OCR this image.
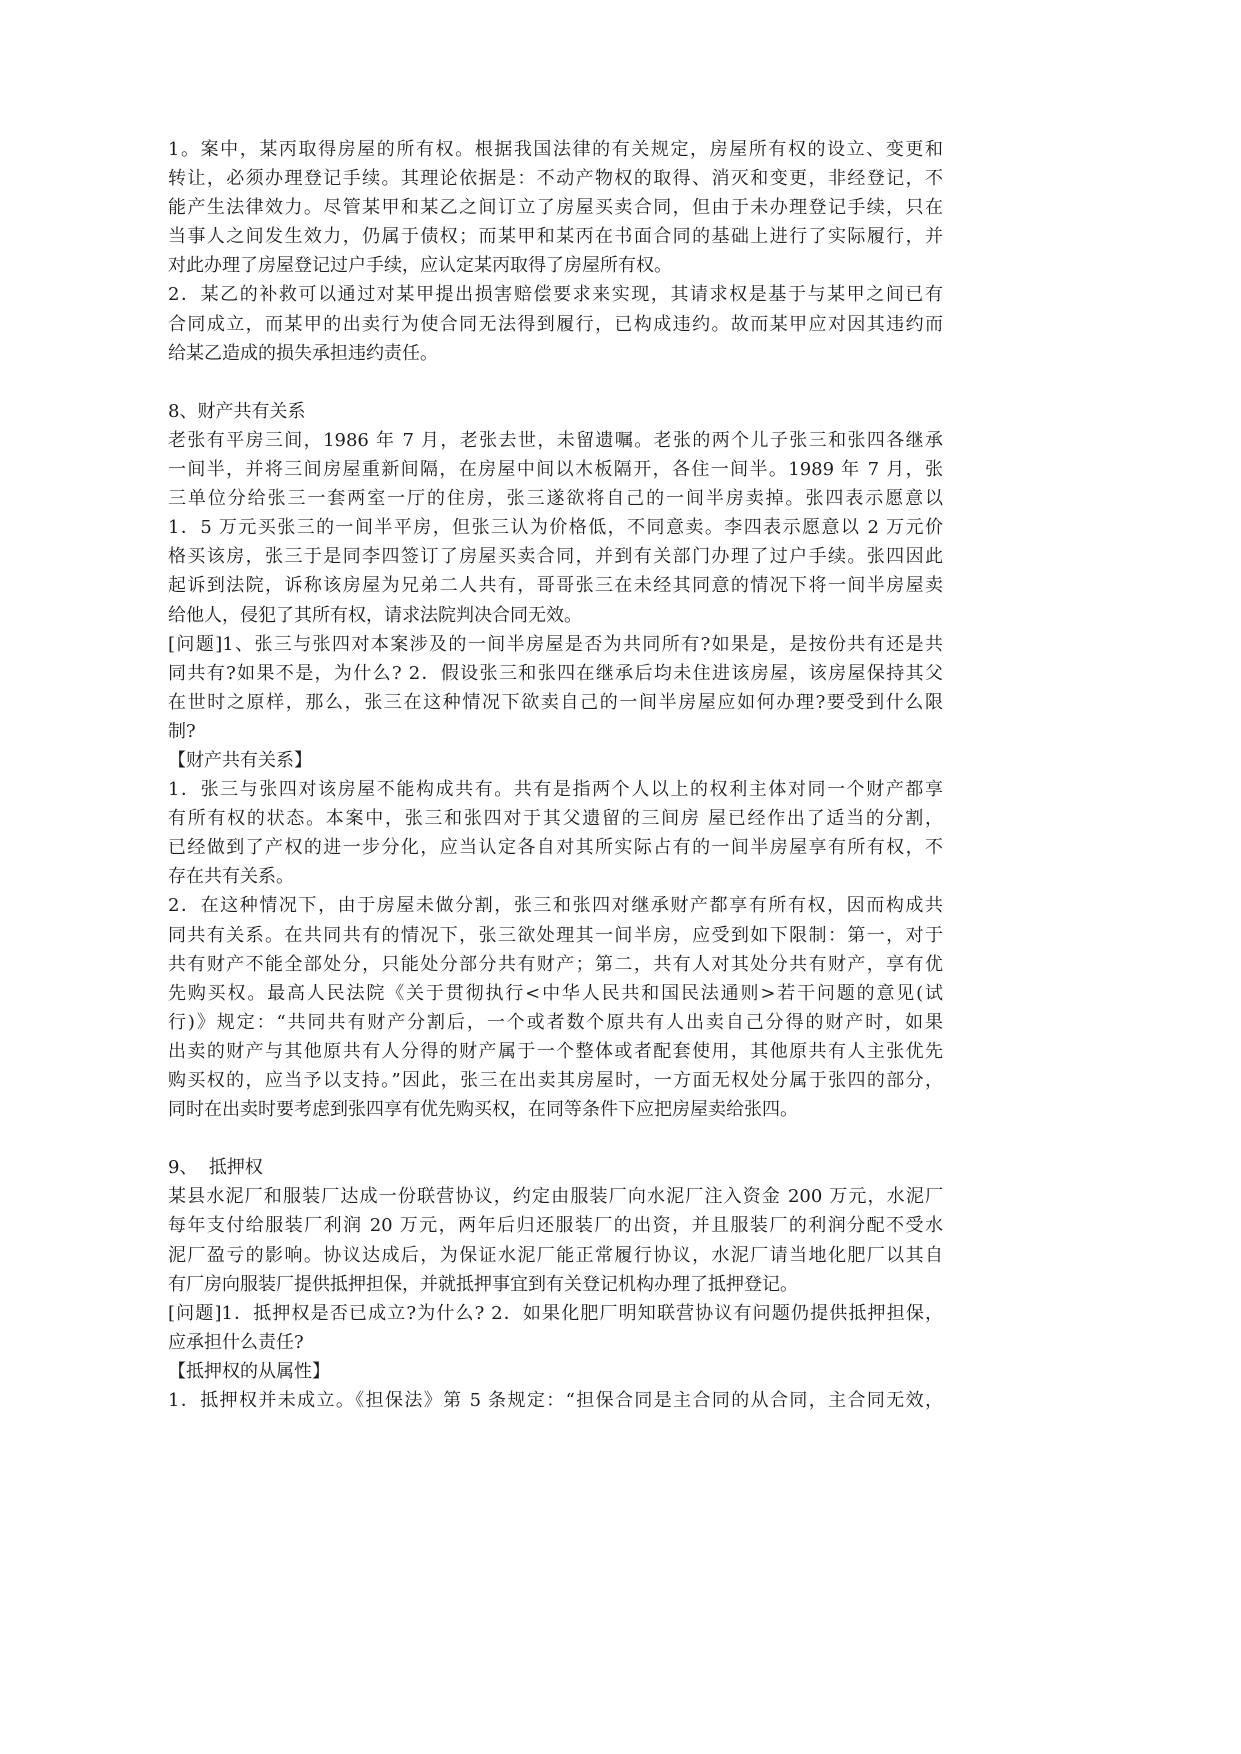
1。案中，某丙取得房屋的所有权。根据我国法律的有关规定，房屋所有权的设立、变更和
转让，必须办理登记手续。其理论依据是：不动产物权的取得、消灭和变更，非经登记，不
能产生法律效力。尽管某甲和某乙之间订立了房屋买卖合同，但由于未办理登记手续，只在
当事人之间发生效力，仍属于债权；而某甲和某丙在书面合同的基础上进行了实际履行，并
对此办理了房屋登记过户手续，应认定某丙取得了房屋所有权。
2．某乙的补救可以通过对某甲提出损害赔偿要求来实现，其请求权是基于与某甲之间已有
合同成立，而某甲的出卖行为使合同无法得到履行，已构成违约。故而某甲应对因其违约而
给某乙造成的损失承担违约责任。
8、财产共有关系
老张有平房三间，1986 年 7 月，老张去世，未留遗嘱。老张的两个儿子张三和张四各继承
一间半，并将三间房屋重新间隔，在房屋中间以木板隔开，各住一间半。1989 年 7 月，张
三单位分给张三一套两室一厅的住房，张三遂欲将自己的一间半房卖掉。张四表示愿意以
1．5 万元买张三的一间半平房，但张三认为价格低，不同意卖。李四表示愿意以 2 万元价
格买该房，张三于是同李四签订了房屋买卖合同，并到有关部门办理了过户手续。张四因此
起诉到法院，诉称该房屋为兄弟二人共有，哥哥张三在未经其同意的情况下将一间半房屋卖
给他人，侵犯了其所有权，请求法院判决合同无效。
[问题]1、张三与张四对本案涉及的一间半房屋是否为共同所有?如果是，是按份共有还是共
同共有?如果不是，为什么? 2．假设张三和张四在继承后均未住进该房屋，该房屋保持其父
在世时之原样，那么，张三在这种情况下欲卖自己的一间半房屋应如何办理?要受到什么限
制?
【财产共有关系】
1．张三与张四对该房屋不能构成共有。共有是指两个人以上的权利主体对同一个财产都享
有所有权的状态。本案中，张三和张四对于其父遗留的三间房 屋已经作出了适当的分割，
已经做到了产权的进一步分化，应当认定各自对其所实际占有的一间半房屋享有所有权，不
存在共有关系。
2．在这种情况下，由于房屋未做分割，张三和张四对继承财产都享有所有权，因而构成共
同共有关系。在共同共有的情况下，张三欲处理其一间半房，应受到如下限制：第一，对于
共有财产不能全部处分，只能处分部分共有财产；第二，共有人对其处分共有财产，享有优
先购买权。最高人民法院《关于贯彻执行<中华人民共和国民法通则>若干问题的意见(试
行)》规定：“共同共有财产分割后，一个或者数个原共有人出卖自己分得的财产时，如果
出卖的财产与其他原共有人分得的财产属于一个整体或者配套使用，其他原共有人主张优先
购买权的，应当予以支持。”因此，张三在出卖其房屋时，一方面无权处分属于张四的部分，
同时在出卖时要考虑到张四享有优先购买权，在同等条件下应把房屋卖给张四。
9、  抵押权
某县水泥厂和服装厂达成一份联营协议，约定由服装厂向水泥厂注入资金 200 万元，水泥厂
每年支付给服装厂利润 20 万元，两年后归还服装厂的出资，并且服装厂的利润分配不受水
泥厂盈亏的影响。协议达成后，为保证水泥厂能正常履行协议，水泥厂请当地化肥厂以其自
有厂房向服装厂提供抵押担保，并就抵押事宜到有关登记机构办理了抵押登记。
[问题]1．抵押权是否已成立?为什么? 2．如果化肥厂明知联营协议有问题仍提供抵押担保，
应承担什么责任?
【抵押权的从属性】
1．抵押权并未成立。《担保法》第 5 条规定：“担保合同是主合同的从合同，主合同无效，
